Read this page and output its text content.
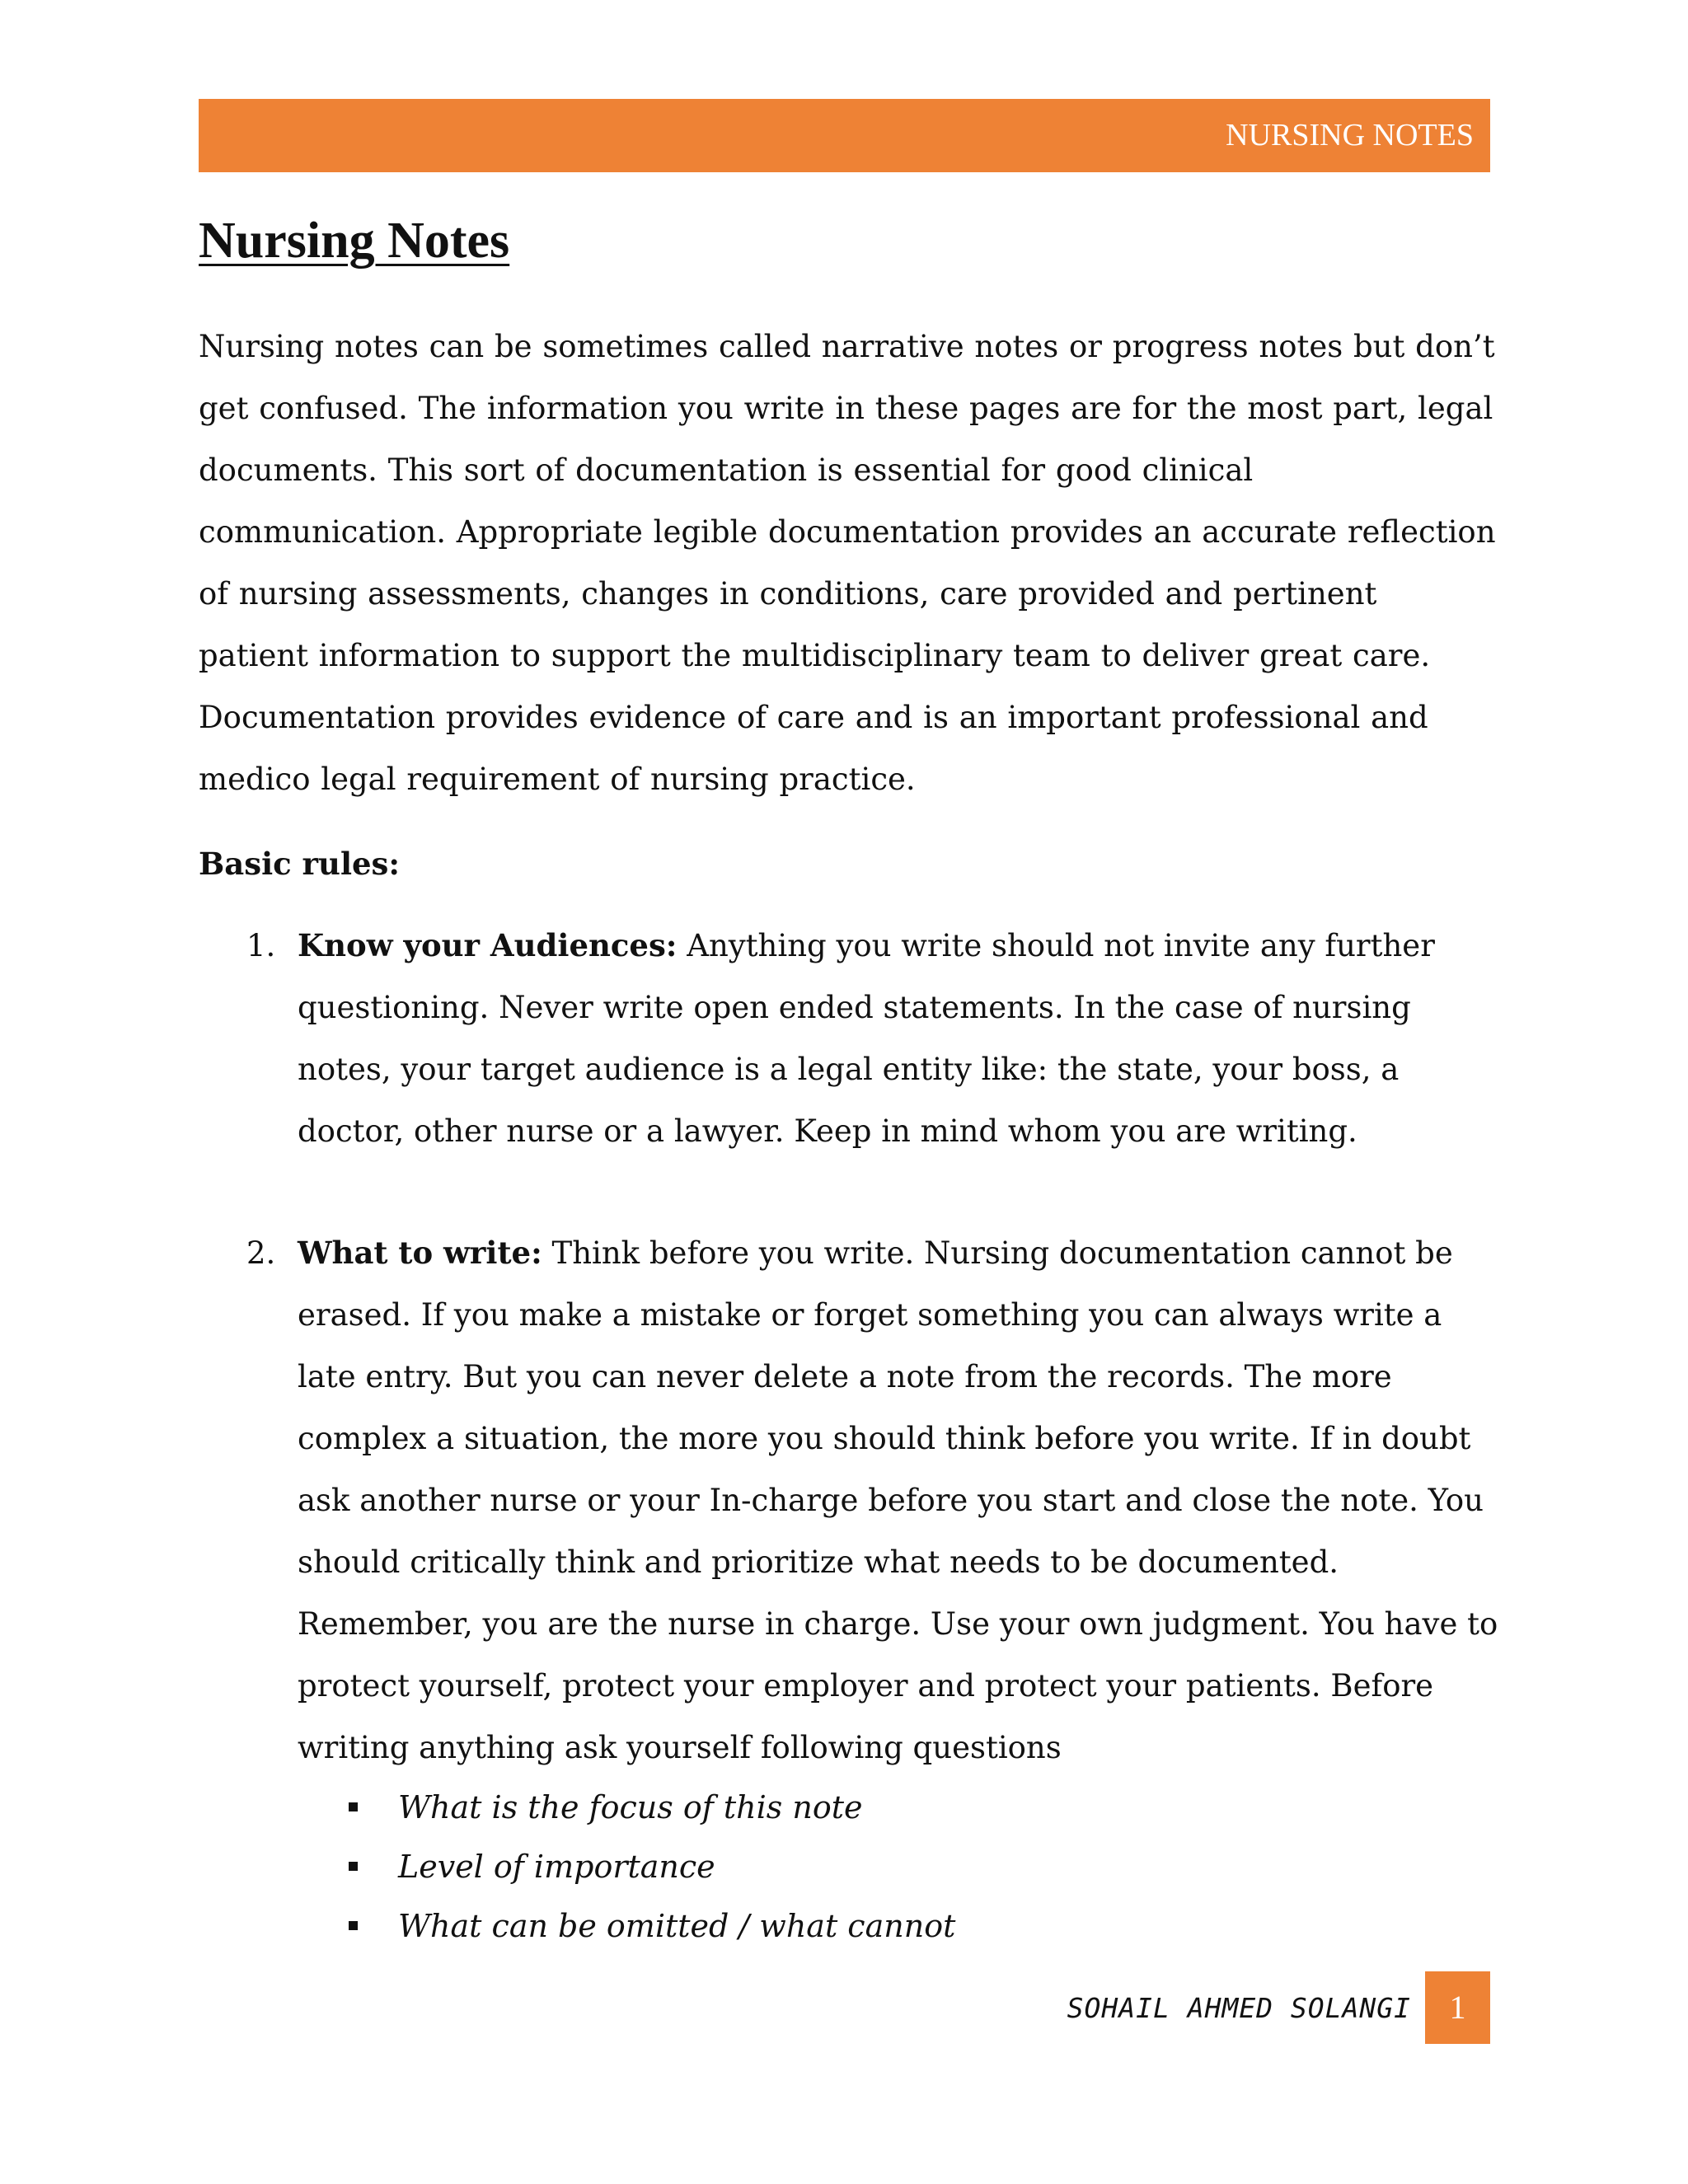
NURSING NOTES
Nursing Notes

Nursing notes can be sometimes called narrative notes or progress notes but don’t get confused. The information you write in these pages are for the most part, legal documents. This sort of documentation is essential for good clinical communication. Appropriate legible documentation provides an accurate reflection of nursing assessments, changes in conditions, care provided and pertinent patient information to support the multidisciplinary team to deliver great care. Documentation provides evidence of care and is an important professional and medico legal requirement of nursing practice.

Basic rules:

1. Know your Audiences: Anything you write should not invite any further questioning. Never write open ended statements. In the case of nursing notes, your target audience is a legal entity like: the state, your boss, a doctor, other nurse or a lawyer. Keep in mind whom you are writing.
2. What to write: Think before you write. Nursing documentation cannot be erased. If you make a mistake or forget something you can always write a late entry. But you can never delete a note from the records. The more complex a situation, the more you should think before you write. If in doubt ask another nurse or your In-charge before you start and close the note. You should critically think and prioritize what needs to be documented. Remember, you are the nurse in charge. Use your own judgment. You have to protect yourself, protect your employer and protect your patients. Before writing anything ask yourself following questions
What is the focus of this note
Level of importance
What can be omitted / what cannot
SOHAIL AHMED SOLANGI	1
